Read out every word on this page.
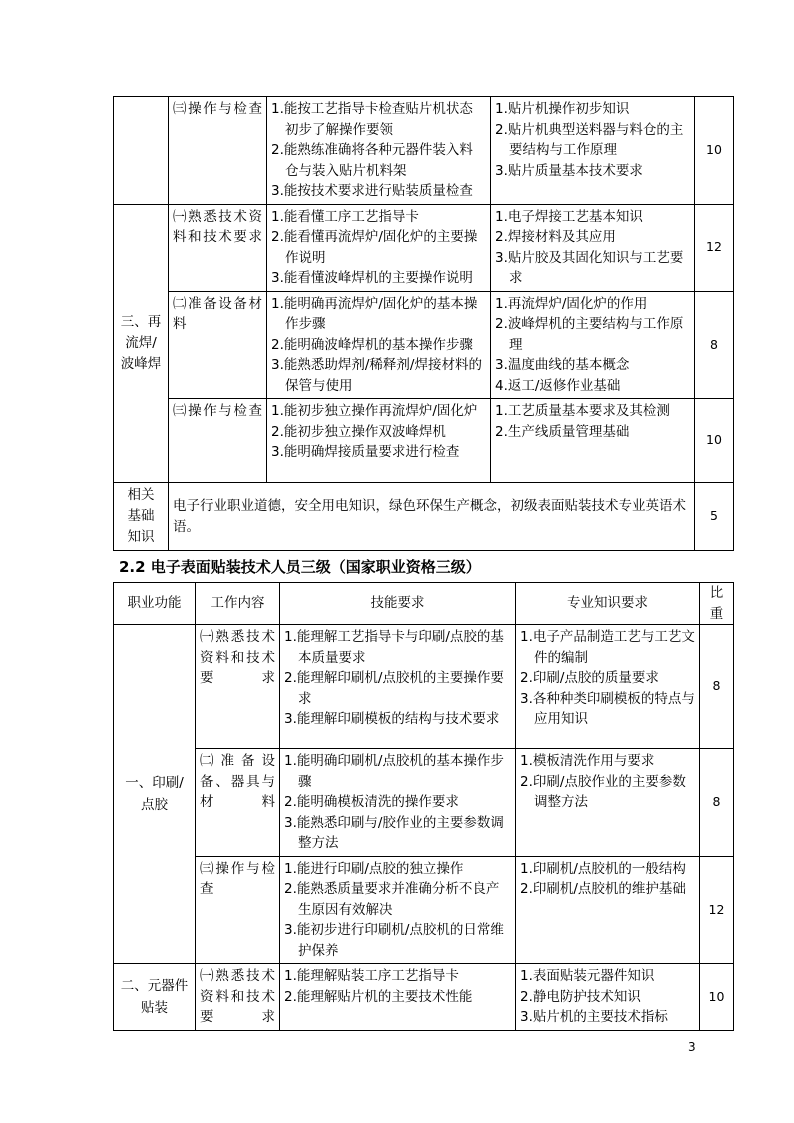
	㈢操作与检查	1.能按工艺指导卡检查贴片机状态初步了解操作要领
2.能熟练准确将各种元器件装入料仓与装入贴片机料架
3.能按技术要求进行贴装质量检查	1.贴片机操作初步知识
2.贴片机典型送料器与料仓的主要结构与工作原理
3.贴片质量基本技术要求	10
三、再流焊/波峰焊	㈠熟悉技术资料和技术要求	1.能看懂工序工艺指导卡
2.能看懂再流焊炉/固化炉的主要操作说明
3.能看懂波峰焊机的主要操作说明	1.电子焊接工艺基本知识
2.焊接材料及其应用
3.贴片胶及其固化知识与工艺要求	12
	㈡准备设备材料	1.能明确再流焊炉/固化炉的基本操作步骤
2.能明确波峰焊机的基本操作步骤
3.能熟悉助焊剂/稀释剂/焊接材料的保管与使用	1.再流焊炉/固化炉的作用
2.波峰焊机的主要结构与工作原理
3.温度曲线的基本概念
4.返工/返修作业基础	8
	㈢操作与检查	1.能初步独立操作再流焊炉/固化炉
2.能初步独立操作双波峰焊机
3.能明确焊接质量要求进行检查	1.工艺质量基本要求及其检测
2.生产线质量管理基础	10
相关基础知识	电子行业职业道德，安全用电知识，绿色环保生产概念，初级表面贴装技术专业英语术语。			5
2.2 电子表面贴装技术人员三级（国家职业资格三级）
职业功能	工作内容	技能要求	专业知识要求	比重
一、印刷/点胶	㈠熟悉技术资料和技术要求	1.能理解工艺指导卡与印刷/点胶的基本质量要求
2.能理解印刷机/点胶机的主要操作要求
3.能理解印刷模板的结构与技术要求	1.电子产品制造工艺与工艺文件的编制
2.印刷/点胶的质量要求
3.各种种类印刷模板的特点与应用知识	8
	㈡准备设备、器具与材料	1.能明确印刷机/点胶机的基本操作步骤
2.能明确模板清洗的操作要求
3.能熟悉印刷与/胶作业的主要参数调整方法	1.模板清洗作用与要求
2.印刷/点胶作业的主要参数调整方法	8
	㈢操作与检查	1.能进行印刷/点胶的独立操作
2.能熟悉质量要求并准确分析不良产生原因有效解决
3.能初步进行印刷机/点胶机的日常维护保养	1.印刷机/点胶机的一般结构
2.印刷机/点胶机的维护基础	12
二、元器件贴装	㈠熟悉技术资料和技术要求	1.能理解贴装工序工艺指导卡
2.能理解贴片机的主要技术性能	1.表面贴装元器件知识
2.静电防护技术知识
3.贴片机的主要技术指标	10
3
